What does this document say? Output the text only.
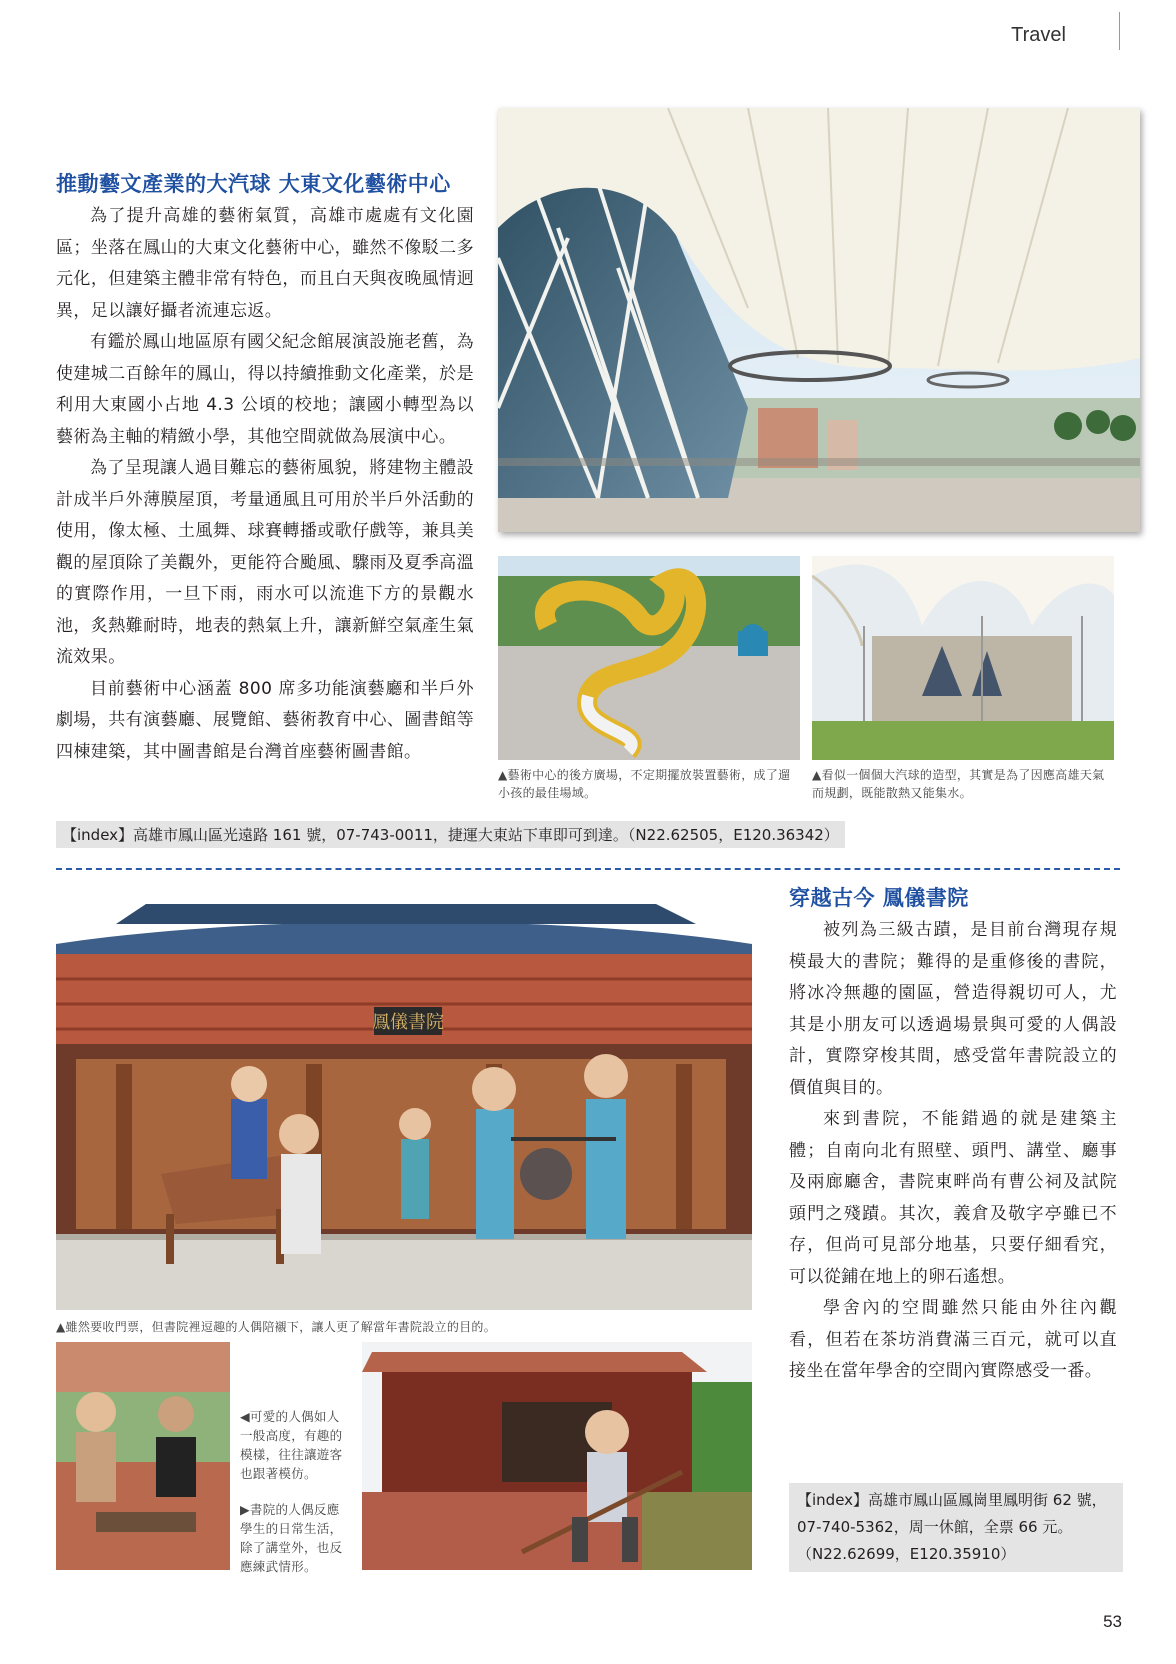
Travel
推動藝文產業的大汽球 大東文化藝術中心

為了提升高雄的藝術氣質，高雄市處處有文化園區；坐落在鳳山的大東文化藝術中心，雖然不像駁二多元化，但建築主體非常有特色，而且白天與夜晚風情迥異，足以讓好攝者流連忘返。

有鑑於鳳山地區原有國父紀念館展演設施老舊，為使建城二百餘年的鳳山，得以持續推動文化產業，於是利用大東國小占地 4.3 公頃的校地；讓國小轉型為以藝術為主軸的精緻小學，其他空間就做為展演中心。

為了呈現讓人過目難忘的藝術風貌，將建物主體設計成半戶外薄膜屋頂，考量通風且可用於半戶外活動的使用，像太極、土風舞、球賽轉播或歌仔戲等，兼具美觀的屋頂除了美觀外，更能符合颱風、驟雨及夏季高溫的實際作用，一旦下雨，雨水可以流進下方的景觀水池，炙熱難耐時，地表的熱氣上升，讓新鮮空氣產生氣流效果。

目前藝術中心涵蓋 800 席多功能演藝廳和半戶外劇場，共有演藝廳、展覽館、藝術教育中心、圖書館等四棟建築，其中圖書館是台灣首座藝術圖書館。

▲藝術中心的後方廣場，不定期擺放裝置藝術，成了遛小孩的最佳場域。
▲看似一個個大汽球的造型，其實是為了因應高雄天氣而規劃，既能散熱又能集水。
【index】高雄市鳳山區光遠路 161 號，07-743-0011，捷運大東站下車即可到達。（N22.62505，E120.36342）
穿越古今 鳳儀書院

被列為三級古蹟，是目前台灣現存規模最大的書院；難得的是重修後的書院，將冰冷無趣的園區，營造得親切可人，尤其是小朋友可以透過場景與可愛的人偶設計，實際穿梭其間，感受當年書院設立的價值與目的。

來到書院，不能錯過的就是建築主體；自南向北有照壁、頭門、講堂、廳事及兩廊廳舍，書院東畔尚有曹公祠及試院頭門之殘蹟。其次，義倉及敬字亭雖已不存，但尚可見部分地基，只要仔細看究，可以從鋪在地上的卵石遙想。

學舍內的空間雖然只能由外往內觀看，但若在茶坊消費滿三百元，就可以直接坐在當年學舍的空間內實際感受一番。

鳳儀書院
▲雖然要收門票，但書院裡逗趣的人偶陪襯下，讓人更了解當年書院設立的目的。
◀可愛的人偶如人一般高度，有趣的模樣，往往讓遊客也跟著模仿。
▶書院的人偶反應學生的日常生活，除了講堂外，也反應練武情形。
【index】高雄市鳳山區鳳崗里鳳明街 62 號，07-740-5362，周一休館，全票 66 元。（N22.62699，E120.35910）
53
